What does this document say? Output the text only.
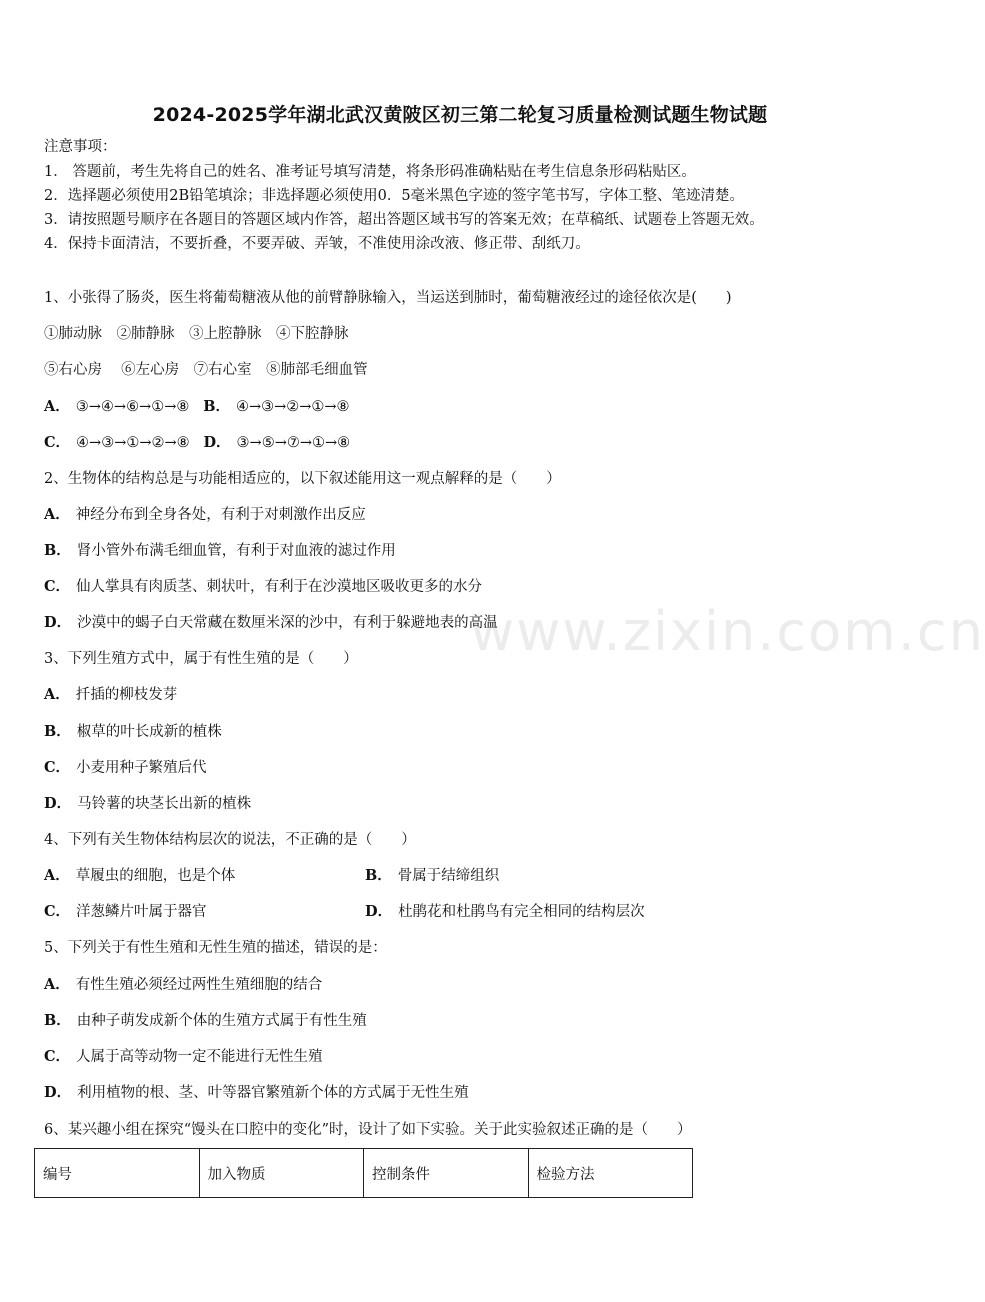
www.zixin.com.cn
2024-2025学年湖北武汉黄陂区初三第二轮复习质量检测试题生物试题
注意事项：
1． 答题前，考生先将自己的姓名、准考证号填写清楚，将条形码准确粘贴在考生信息条形码粘贴区。
2．选择题必须使用2B铅笔填涂；非选择题必须使用0．5毫米黑色字迹的签字笔书写，字体工整、笔迹清楚。
3．请按照题号顺序在各题目的答题区域内作答，超出答题区域书写的答案无效；在草稿纸、试题卷上答题无效。
4．保持卡面清洁，不要折叠，不要弄破、弄皱，不准使用涂改液、修正带、刮纸刀。
1、小张得了肠炎，医生将葡萄糖液从他的前臂静脉输入，当运送到肺时，葡萄糖液经过的途径依次是(　　)
①肺动脉　②肺静脉　③上腔静脉　④下腔静脉
⑤右心房　 ⑥左心房　⑦右心室　⑧肺部毛细血管
A． ③→④→⑥→①→⑧ B． ④→③→②→①→⑧
C． ④→③→①→②→⑧ D． ③→⑤→⑦→①→⑧
2、生物体的结构总是与功能相适应的，以下叙述能用这一观点解释的是（　　）
A． 神经分布到全身各处，有利于对刺激作出反应
B． 肾小管外布满毛细血管，有利于对血液的滤过作用
C． 仙人掌具有肉质茎、刺状叶，有利于在沙漠地区吸收更多的水分
D． 沙漠中的蝎子白天常藏在数厘米深的沙中，有利于躲避地表的高温
3、下列生殖方式中，属于有性生殖的是（　　）
A． 扦插的柳枝发芽
B． 椒草的叶长成新的植株
C． 小麦用种子繁殖后代
D． 马铃薯的块茎长出新的植株
4、下列有关生物体结构层次的说法，不正确的是（　　）
A． 草履虫的细胞，也是个体	B． 骨属于结缔组织
C． 洋葱鳞片叶属于器官	D． 杜鹃花和杜鹃鸟有完全相同的结构层次
5、下列关于有性生殖和无性生殖的描述，错误的是：
A． 有性生殖必须经过两性生殖细胞的结合
B． 由种子萌发成新个体的生殖方式属于有性生殖
C． 人属于高等动物一定不能进行无性生殖
D． 利用植物的根、茎、叶等器官繁殖新个体的方式属于无性生殖
6、某兴趣小组在探究“馒头在口腔中的变化”时，设计了如下实验。关于此实验叙述正确的是（　　）
编号	加入物质	控制条件	检验方法
